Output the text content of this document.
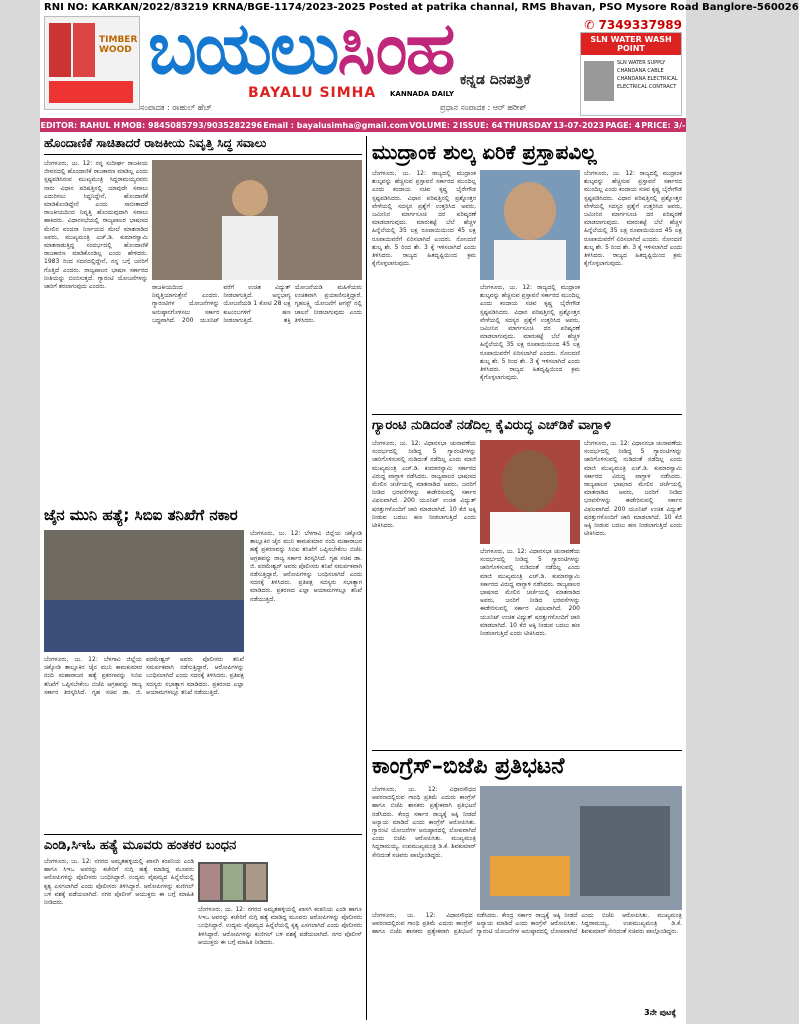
RNI NO: KARKAN/2022/83219 KRNA/BGE-1174/2023-2025 Posted at patrika channal, RMS Bhavan, PSO Mysore Road Banglore-560026
TIMBER WOOD ಬಯಲುಸಿಂಹ
BAYALU SIMHA KANNADA DAILY
ಕನ್ನಡ ದಿನಪತ್ರಿಕೆ
ಸಂಪಾದಕ : ರಾಹುಲ್ ಹೆಚ್	ಪ್ರಧಾನ ಸಂಪಾದಕ : ಆರ್ ಹರೀಶ್
✆ 7349337989
SLN WATER WASH POINT
SLN WATER SUPPLY
CHANDANA CABLE
CHANDANA ELECTRICAL
ELECTRICAL CONTRACT
EDITOR: RAHUL H MOB: 9845085793/9035282296 Email : bayalusimha@gmail.com VOLUME: 2 ISSUE: 64 THURSDAY 13-07-2023 PAGE: 4 PRICE: 3/-
ಹೊಂದಾಣಿಕೆ ಸಾಚಿತಾದರೆ ರಾಜಕೀಯ ನಿವೃತ್ತಿ ಸಿದ್ಧ ಸವಾಲು
ಬೆಂಗಳೂರು, ಜು. 12: ನನ್ನ ಸುದೀರ್ಘ ರಾಜಕೀಯ ಜೀವನದಲ್ಲಿ ಹೊಂದಾಣಿಕೆ ರಾಜಕಾರಣ ಮಾಡಿಲ್ಲ ಎಂದು ಸ್ಪಷ್ಟಪಡಿಸಿರುವ ಮುಖ್ಯಮಂತ್ರಿ ಸಿದ್ದರಾಮಯ್ಯನವರು ನಾನು ವಿಧಾನ ಪರಿಷತ್ತಿನಲ್ಲಿ ಯಾವುದೇ ಸವಾಲು ಎದುರಿಸಲು ಸಿದ್ಧನಿದ್ದೇನೆ, ಹೊಂದಾಣಿಕೆ ಮಾಡಿಕೊಂಡಿದ್ದೇನೆ ಎಂದು ಸಾಬೀತಾದರೆ ರಾಜಕೀಯದಿಂದ ನಿವೃತ್ತಿ ಹೊಂದುವುದಾಗಿ ಸವಾಲು ಹಾಕಿದರು. ವಿಧಾನಸಭೆಯಲ್ಲಿ ರಾಜ್ಯಪಾಲರ ಭಾಷಣದ ಮೇಲಿನ ವಂದನಾ ನಿರ್ಣಯದ ಮೇಲೆ ಮಾತನಾಡಿದ ಅವರು, ಮುಖ್ಯಮಂತ್ರಿ ಎಚ್.ಡಿ. ಕುಮಾರಸ್ವಾಮಿ ಮಾತನಾಡುತ್ತಿದ್ದ ಸಂದರ್ಭದಲ್ಲಿ ಹೊಂದಾಣಿಕೆ ರಾಜಕಾರಣ ಮಾಡಿಕೊಂಡಿಲ್ಲ ಎಂದು ಹೇಳಿದರು. 1983 ರಿಂದ ಸದನದಲ್ಲಿದ್ದೇನೆ, ನನ್ನ ಬಗ್ಗೆ ಜನರಿಗೆ ಗೊತ್ತಿದೆ ಎಂದರು. ರಾಜ್ಯಪಾಲರ ಭಾಷಣ ಸರ್ಕಾರದ ನೀತಿಯನ್ನು ಬಿಂಬಿಸುತ್ತದೆ. ಗ್ಯಾರಂಟಿ ಯೋಜನೆಗಳನ್ನು ಜಾರಿಗೆ ತರಲಾಗುವುದು ಎಂದರು.	ರಾಜಕೀಯದಿಂದ ನಿವೃತ್ತಿಯಾಗುತ್ತೇನೆ ಎಂದರು. ಗ್ಯಾರಂಟಿಗಳ ಯೋಜನೆಗಳನ್ನು ಅನುಷ್ಠಾನಗೊಳಿಸಲು ಸರ್ಕಾರ ಬದ್ಧವಾಗಿದೆ. 200 ಯೂನಿಟ್ ವರೆಗೆ ಉಚಿತ ವಿದ್ಯುತ್ ನೀಡಲಾಗುತ್ತಿದೆ. ಅನ್ನಭಾಗ್ಯ ಯೋಜನೆಯಡಿ 1 ಕೋಟಿ 28 ಲಕ್ಷ ಕುಟುಂಬಗಳಿಗೆ ಹಣ ನೀಡಲಾಗುತ್ತಿದೆ. ಶಕ್ತಿ ಯೋಜನೆಯಡಿ ಮಹಿಳೆಯರು ಉಚಿತವಾಗಿ ಪ್ರಯಾಣಿಸುತ್ತಿದ್ದಾರೆ. ಗೃಹಲಕ್ಷ್ಮಿ ಯೋಜನೆಗೆ ಆಗಸ್ಟ್ ನಲ್ಲಿ ಚಾಲನೆ ನೀಡಲಾಗುವುದು ಎಂದು ತಿಳಿಸಿದರು.
ಜೈನ ಮುನಿ ಹತ್ಯೆ; ಸಿಬಿಐ ತನಿಖೆಗೆ ನಕಾರ
ಬೆಂಗಳೂರು, ಜು. 12: ಬೆಳಗಾವಿ ಜಿಲ್ಲೆಯ ಚಿಕ್ಕೋಡಿ ತಾಲ್ಲೂಕಿನ ಜೈನ ಮುನಿ ಕಾಮಕುಮಾರ ನಂದಿ ಮಹಾರಾಜರ ಹತ್ಯೆ ಪ್ರಕರಣವನ್ನು ಸಿಬಿಐ ತನಿಖೆಗೆ ಒಪ್ಪಿಸಬೇಕೆಂಬ ಬಿಜೆಪಿ ಆಗ್ರಹವನ್ನು ರಾಜ್ಯ ಸರ್ಕಾರ ತಿರಸ್ಕರಿಸಿದೆ. ಗೃಹ ಸಚಿವ ಡಾ. ಜಿ. ಪರಮೇಶ್ವರ್ ಅವರು ಪೊಲೀಸರು ತನಿಖೆ ಸಮರ್ಪಕವಾಗಿ ನಡೆಸುತ್ತಿದ್ದಾರೆ, ಆರೋಪಿಗಳನ್ನು ಬಂಧಿಸಲಾಗಿದೆ ಎಂದು ಸದನಕ್ಕೆ ತಿಳಿಸಿದರು. ಪ್ರತಿಪಕ್ಷ ಸದಸ್ಯರು ಸಭಾತ್ಯಾಗ ಮಾಡಿದರು. ಪ್ರಕರಣದ ಎಲ್ಲಾ ಆಯಾಮಗಳಲ್ಲೂ ತನಿಖೆ ನಡೆಯುತ್ತಿದೆ.
ಬೆಂಗಳೂರು, ಜು. 12: ಬೆಳಗಾವಿ ಜಿಲ್ಲೆಯ ಚಿಕ್ಕೋಡಿ ತಾಲ್ಲೂಕಿನ ಜೈನ ಮುನಿ ಕಾಮಕುಮಾರ ನಂದಿ ಮಹಾರಾಜರ ಹತ್ಯೆ ಪ್ರಕರಣವನ್ನು ಸಿಬಿಐ ತನಿಖೆಗೆ ಒಪ್ಪಿಸಬೇಕೆಂಬ ಬಿಜೆಪಿ ಆಗ್ರಹವನ್ನು ರಾಜ್ಯ ಸರ್ಕಾರ ತಿರಸ್ಕರಿಸಿದೆ. ಗೃಹ ಸಚಿವ ಡಾ. ಜಿ. ಪರಮೇಶ್ವರ್ ಅವರು ಪೊಲೀಸರು ತನಿಖೆ ಸಮರ್ಪಕವಾಗಿ ನಡೆಸುತ್ತಿದ್ದಾರೆ, ಆರೋಪಿಗಳನ್ನು ಬಂಧಿಸಲಾಗಿದೆ ಎಂದು ಸದನಕ್ಕೆ ತಿಳಿಸಿದರು. ಪ್ರತಿಪಕ್ಷ ಸದಸ್ಯರು ಸಭಾತ್ಯಾಗ ಮಾಡಿದರು. ಪ್ರಕರಣದ ಎಲ್ಲಾ ಆಯಾಮಗಳಲ್ಲೂ ತನಿಖೆ ನಡೆಯುತ್ತಿದೆ.
ಎಂಡಿ,ಸಿಇಓ ಹತ್ಯೆ ಮೂವರು ಹಂತಕರ ಬಂಧನ
ಬೆಂಗಳೂರು, ಜು. 12: ನಗರದ ಅಮೃತಹಳ್ಳಿಯಲ್ಲಿ ಖಾಸಗಿ ಕಂಪನಿಯ ಎಂಡಿ ಹಾಗೂ ಸಿಇಒ ಅವರನ್ನು ಕಚೇರಿಗೆ ನುಗ್ಗಿ ಹತ್ಯೆ ಮಾಡಿದ್ದ ಮೂವರು ಆರೋಪಿಗಳನ್ನು ಪೊಲೀಸರು ಬಂಧಿಸಿದ್ದಾರೆ. ಉದ್ಯಮ ವೈಷಮ್ಯದ ಹಿನ್ನೆಲೆಯಲ್ಲಿ ಕೃತ್ಯ ಎಸಗಲಾಗಿದೆ ಎಂದು ಪೊಲೀಸರು ತಿಳಿಸಿದ್ದಾರೆ. ಆರೋಪಿಗಳನ್ನು ಕುಣಿಗಲ್ ಬಳಿ ವಶಕ್ಕೆ ಪಡೆಯಲಾಗಿದೆ. ನಗರ ಪೊಲೀಸ್ ಆಯುಕ್ತರು ಈ ಬಗ್ಗೆ ಮಾಹಿತಿ ನೀಡಿದರು.
ಬೆಂಗಳೂರು, ಜು. 12: ನಗರದ ಅಮೃತಹಳ್ಳಿಯಲ್ಲಿ ಖಾಸಗಿ ಕಂಪನಿಯ ಎಂಡಿ ಹಾಗೂ ಸಿಇಒ ಅವರನ್ನು ಕಚೇರಿಗೆ ನುಗ್ಗಿ ಹತ್ಯೆ ಮಾಡಿದ್ದ ಮೂವರು ಆರೋಪಿಗಳನ್ನು ಪೊಲೀಸರು ಬಂಧಿಸಿದ್ದಾರೆ. ಉದ್ಯಮ ವೈಷಮ್ಯದ ಹಿನ್ನೆಲೆಯಲ್ಲಿ ಕೃತ್ಯ ಎಸಗಲಾಗಿದೆ ಎಂದು ಪೊಲೀಸರು ತಿಳಿಸಿದ್ದಾರೆ. ಆರೋಪಿಗಳನ್ನು ಕುಣಿಗಲ್ ಬಳಿ ವಶಕ್ಕೆ ಪಡೆಯಲಾಗಿದೆ. ನಗರ ಪೊಲೀಸ್ ಆಯುಕ್ತರು ಈ ಬಗ್ಗೆ ಮಾಹಿತಿ ನೀಡಿದರು.
ಮುದ್ರಾಂಕ ಶುಲ್ಕ ಏರಿಕೆ ಪ್ರಸ್ತಾಪವಿಲ್ಲ
ಬೆಂಗಳೂರು, ಜು. 12: ರಾಜ್ಯದಲ್ಲಿ ಮುದ್ರಾಂಕ ಶುಲ್ಕವನ್ನು ಹೆಚ್ಚಿಸುವ ಪ್ರಸ್ತಾವನೆ ಸರ್ಕಾರದ ಮುಂದಿಲ್ಲ ಎಂದು ಕಂದಾಯ ಸಚಿವ ಕೃಷ್ಣ ಬೈರೇಗೌಡ ಸ್ಪಷ್ಟಪಡಿಸಿದರು. ವಿಧಾನ ಪರಿಷತ್ತಿನಲ್ಲಿ ಪ್ರಶ್ನೋತ್ತರ ವೇಳೆಯಲ್ಲಿ ಸದಸ್ಯರ ಪ್ರಶ್ನೆಗೆ ಉತ್ತರಿಸಿದ ಅವರು, ಜಮೀನಿನ ಮಾರ್ಗಸೂಚಿ ದರ ಪರಿಷ್ಕರಣೆ ಮಾಡಲಾಗುವುದು. ಮಾರುಕಟ್ಟೆ ಬೆಲೆ ಹೆಚ್ಚಳ ಹಿನ್ನೆಲೆಯಲ್ಲಿ 35 ಲಕ್ಷ ರೂಪಾಯಿಯಿಂದ 45 ಲಕ್ಷ ರೂಪಾಯಿವರೆಗೆ ಏರಿಸಲಾಗಿದೆ ಎಂದರು. ನೋಂದಣಿ ಶುಲ್ಕ ಶೇ. 5 ರಿಂದ ಶೇ. 3 ಕ್ಕೆ ಇಳಿಸಲಾಗಿದೆ ಎಂದು ತಿಳಿಸಿದರು. ರಾಜ್ಯದ ಹಿತದೃಷ್ಟಿಯಿಂದ ಕ್ರಮ ಕೈಗೊಳ್ಳಲಾಗುವುದು.
ಬೆಂಗಳೂರು, ಜು. 12: ರಾಜ್ಯದಲ್ಲಿ ಮುದ್ರಾಂಕ ಶುಲ್ಕವನ್ನು ಹೆಚ್ಚಿಸುವ ಪ್ರಸ್ತಾವನೆ ಸರ್ಕಾರದ ಮುಂದಿಲ್ಲ ಎಂದು ಕಂದಾಯ ಸಚಿವ ಕೃಷ್ಣ ಬೈರೇಗೌಡ ಸ್ಪಷ್ಟಪಡಿಸಿದರು. ವಿಧಾನ ಪರಿಷತ್ತಿನಲ್ಲಿ ಪ್ರಶ್ನೋತ್ತರ ವೇಳೆಯಲ್ಲಿ ಸದಸ್ಯರ ಪ್ರಶ್ನೆಗೆ ಉತ್ತರಿಸಿದ ಅವರು, ಜಮೀನಿನ ಮಾರ್ಗಸೂಚಿ ದರ ಪರಿಷ್ಕರಣೆ ಮಾಡಲಾಗುವುದು. ಮಾರುಕಟ್ಟೆ ಬೆಲೆ ಹೆಚ್ಚಳ ಹಿನ್ನೆಲೆಯಲ್ಲಿ 35 ಲಕ್ಷ ರೂಪಾಯಿಯಿಂದ 45 ಲಕ್ಷ ರೂಪಾಯಿವರೆಗೆ ಏರಿಸಲಾಗಿದೆ ಎಂದರು. ನೋಂದಣಿ ಶುಲ್ಕ ಶೇ. 5 ರಿಂದ ಶೇ. 3 ಕ್ಕೆ ಇಳಿಸಲಾಗಿದೆ ಎಂದು ತಿಳಿಸಿದರು. ರಾಜ್ಯದ ಹಿತದೃಷ್ಟಿಯಿಂದ ಕ್ರಮ ಕೈಗೊಳ್ಳಲಾಗುವುದು.
ಬೆಂಗಳೂರು, ಜು. 12: ರಾಜ್ಯದಲ್ಲಿ ಮುದ್ರಾಂಕ ಶುಲ್ಕವನ್ನು ಹೆಚ್ಚಿಸುವ ಪ್ರಸ್ತಾವನೆ ಸರ್ಕಾರದ ಮುಂದಿಲ್ಲ ಎಂದು ಕಂದಾಯ ಸಚಿವ ಕೃಷ್ಣ ಬೈರೇಗೌಡ ಸ್ಪಷ್ಟಪಡಿಸಿದರು. ವಿಧಾನ ಪರಿಷತ್ತಿನಲ್ಲಿ ಪ್ರಶ್ನೋತ್ತರ ವೇಳೆಯಲ್ಲಿ ಸದಸ್ಯರ ಪ್ರಶ್ನೆಗೆ ಉತ್ತರಿಸಿದ ಅವರು, ಜಮೀನಿನ ಮಾರ್ಗಸೂಚಿ ದರ ಪರಿಷ್ಕರಣೆ ಮಾಡಲಾಗುವುದು. ಮಾರುಕಟ್ಟೆ ಬೆಲೆ ಹೆಚ್ಚಳ ಹಿನ್ನೆಲೆಯಲ್ಲಿ 35 ಲಕ್ಷ ರೂಪಾಯಿಯಿಂದ 45 ಲಕ್ಷ ರೂಪಾಯಿವರೆಗೆ ಏರಿಸಲಾಗಿದೆ ಎಂದರು. ನೋಂದಣಿ ಶುಲ್ಕ ಶೇ. 5 ರಿಂದ ಶೇ. 3 ಕ್ಕೆ ಇಳಿಸಲಾಗಿದೆ ಎಂದು ತಿಳಿಸಿದರು. ರಾಜ್ಯದ ಹಿತದೃಷ್ಟಿಯಿಂದ ಕ್ರಮ ಕೈಗೊಳ್ಳಲಾಗುವುದು.
ಗ್ಯಾರಂಟಿ ನುಡಿದಂತೆ ನಡೆದಿಲ್ಲ ಕೈವಿರುದ್ಧ ಎಚ್‌ಡಿಕೆ ವಾಗ್ದಾಳಿ
ಬೆಂಗಳೂರು, ಜು. 12: ವಿಧಾನಸಭಾ ಚುನಾವಣೆಯ ಸಂದರ್ಭದಲ್ಲಿ ನೀಡಿದ್ದ 5 ಗ್ಯಾರಂಟಿಗಳನ್ನು ಜಾರಿಗೊಳಿಸುವಲ್ಲಿ ನುಡಿದಂತೆ ನಡೆದಿಲ್ಲ ಎಂದು ಮಾಜಿ ಮುಖ್ಯಮಂತ್ರಿ ಎಚ್.ಡಿ. ಕುಮಾರಸ್ವಾಮಿ ಸರ್ಕಾರದ ವಿರುದ್ಧ ವಾಗ್ದಾಳಿ ನಡೆಸಿದರು. ರಾಜ್ಯಪಾಲರ ಭಾಷಣದ ಮೇಲಿನ ಚರ್ಚೆಯಲ್ಲಿ ಮಾತನಾಡಿದ ಅವರು, ಜನರಿಗೆ ನೀಡಿದ ಭರವಸೆಗಳನ್ನು ಈಡೇರಿಸುವಲ್ಲಿ ಸರ್ಕಾರ ವಿಫಲವಾಗಿದೆ. 200 ಯೂನಿಟ್ ಉಚಿತ ವಿದ್ಯುತ್ ಷರತ್ತುಗಳೊಂದಿಗೆ ಜಾರಿ ಮಾಡಲಾಗಿದೆ. 10 ಕೆಜಿ ಅಕ್ಕಿ ನೀಡುವ ಬದಲು ಹಣ ನೀಡಲಾಗುತ್ತಿದೆ ಎಂದು ಟೀಕಿಸಿದರು.
ಬೆಂಗಳೂರು, ಜು. 12: ವಿಧಾನಸಭಾ ಚುನಾವಣೆಯ ಸಂದರ್ಭದಲ್ಲಿ ನೀಡಿದ್ದ 5 ಗ್ಯಾರಂಟಿಗಳನ್ನು ಜಾರಿಗೊಳಿಸುವಲ್ಲಿ ನುಡಿದಂತೆ ನಡೆದಿಲ್ಲ ಎಂದು ಮಾಜಿ ಮುಖ್ಯಮಂತ್ರಿ ಎಚ್.ಡಿ. ಕುಮಾರಸ್ವಾಮಿ ಸರ್ಕಾರದ ವಿರುದ್ಧ ವಾಗ್ದಾಳಿ ನಡೆಸಿದರು. ರಾಜ್ಯಪಾಲರ ಭಾಷಣದ ಮೇಲಿನ ಚರ್ಚೆಯಲ್ಲಿ ಮಾತನಾಡಿದ ಅವರು, ಜನರಿಗೆ ನೀಡಿದ ಭರವಸೆಗಳನ್ನು ಈಡೇರಿಸುವಲ್ಲಿ ಸರ್ಕಾರ ವಿಫಲವಾಗಿದೆ. 200 ಯೂನಿಟ್ ಉಚಿತ ವಿದ್ಯುತ್ ಷರತ್ತುಗಳೊಂದಿಗೆ ಜಾರಿ ಮಾಡಲಾಗಿದೆ. 10 ಕೆಜಿ ಅಕ್ಕಿ ನೀಡುವ ಬದಲು ಹಣ ನೀಡಲಾಗುತ್ತಿದೆ ಎಂದು ಟೀಕಿಸಿದರು.
ಬೆಂಗಳೂರು, ಜು. 12: ವಿಧಾನಸಭಾ ಚುನಾವಣೆಯ ಸಂದರ್ಭದಲ್ಲಿ ನೀಡಿದ್ದ 5 ಗ್ಯಾರಂಟಿಗಳನ್ನು ಜಾರಿಗೊಳಿಸುವಲ್ಲಿ ನುಡಿದಂತೆ ನಡೆದಿಲ್ಲ ಎಂದು ಮಾಜಿ ಮುಖ್ಯಮಂತ್ರಿ ಎಚ್.ಡಿ. ಕುಮಾರಸ್ವಾಮಿ ಸರ್ಕಾರದ ವಿರುದ್ಧ ವಾಗ್ದಾಳಿ ನಡೆಸಿದರು. ರಾಜ್ಯಪಾಲರ ಭಾಷಣದ ಮೇಲಿನ ಚರ್ಚೆಯಲ್ಲಿ ಮಾತನಾಡಿದ ಅವರು, ಜನರಿಗೆ ನೀಡಿದ ಭರವಸೆಗಳನ್ನು ಈಡೇರಿಸುವಲ್ಲಿ ಸರ್ಕಾರ ವಿಫಲವಾಗಿದೆ. 200 ಯೂನಿಟ್ ಉಚಿತ ವಿದ್ಯುತ್ ಷರತ್ತುಗಳೊಂದಿಗೆ ಜಾರಿ ಮಾಡಲಾಗಿದೆ. 10 ಕೆಜಿ ಅಕ್ಕಿ ನೀಡುವ ಬದಲು ಹಣ ನೀಡಲಾಗುತ್ತಿದೆ ಎಂದು ಟೀಕಿಸಿದರು.
ಕಾಂಗ್ರೆಸ್–ಬಿಜೆಪಿ ಪ್ರತಿಭಟನೆ
ಬೆಂಗಳೂರು, ಜು. 12: ವಿಧಾನಸೌಧದ ಆವರಣದಲ್ಲಿರುವ ಗಾಂಧಿ ಪ್ರತಿಮೆ ಎದುರು ಕಾಂಗ್ರೆಸ್ ಹಾಗೂ ಬಿಜೆಪಿ ಶಾಸಕರು ಪ್ರತ್ಯೇಕವಾಗಿ ಪ್ರತಿಭಟನೆ ನಡೆಸಿದರು. ಕೇಂದ್ರ ಸರ್ಕಾರ ರಾಜ್ಯಕ್ಕೆ ಅಕ್ಕಿ ನೀಡದೆ ಅನ್ಯಾಯ ಮಾಡಿದೆ ಎಂದು ಕಾಂಗ್ರೆಸ್ ಆರೋಪಿಸಿತು. ಗ್ಯಾರಂಟಿ ಯೋಜನೆಗಳ ಅನುಷ್ಠಾನದಲ್ಲಿ ಲೋಪವಾಗಿದೆ ಎಂದು ಬಿಜೆಪಿ ಆರೋಪಿಸಿತು. ಮುಖ್ಯಮಂತ್ರಿ ಸಿದ್ದರಾಮಯ್ಯ, ಉಪಮುಖ್ಯಮಂತ್ರಿ ಡಿ.ಕೆ. ಶಿವಕುಮಾರ್ ಸೇರಿದಂತೆ ಸಚಿವರು ಪಾಲ್ಗೊಂಡಿದ್ದರು.
ಬೆಂಗಳೂರು, ಜು. 12: ವಿಧಾನಸೌಧದ ಆವರಣದಲ್ಲಿರುವ ಗಾಂಧಿ ಪ್ರತಿಮೆ ಎದುರು ಕಾಂಗ್ರೆಸ್ ಹಾಗೂ ಬಿಜೆಪಿ ಶಾಸಕರು ಪ್ರತ್ಯೇಕವಾಗಿ ಪ್ರತಿಭಟನೆ ನಡೆಸಿದರು. ಕೇಂದ್ರ ಸರ್ಕಾರ ರಾಜ್ಯಕ್ಕೆ ಅಕ್ಕಿ ನೀಡದೆ ಅನ್ಯಾಯ ಮಾಡಿದೆ ಎಂದು ಕಾಂಗ್ರೆಸ್ ಆರೋಪಿಸಿತು. ಗ್ಯಾರಂಟಿ ಯೋಜನೆಗಳ ಅನುಷ್ಠಾನದಲ್ಲಿ ಲೋಪವಾಗಿದೆ ಎಂದು ಬಿಜೆಪಿ ಆರೋಪಿಸಿತು. ಮುಖ್ಯಮಂತ್ರಿ ಸಿದ್ದರಾಮಯ್ಯ, ಉಪಮುಖ್ಯಮಂತ್ರಿ ಡಿ.ಕೆ. ಶಿವಕುಮಾರ್ ಸೇರಿದಂತೆ ಸಚಿವರು ಪಾಲ್ಗೊಂಡಿದ್ದರು.
3ನೇ ಪುಟಕ್ಕೆ
